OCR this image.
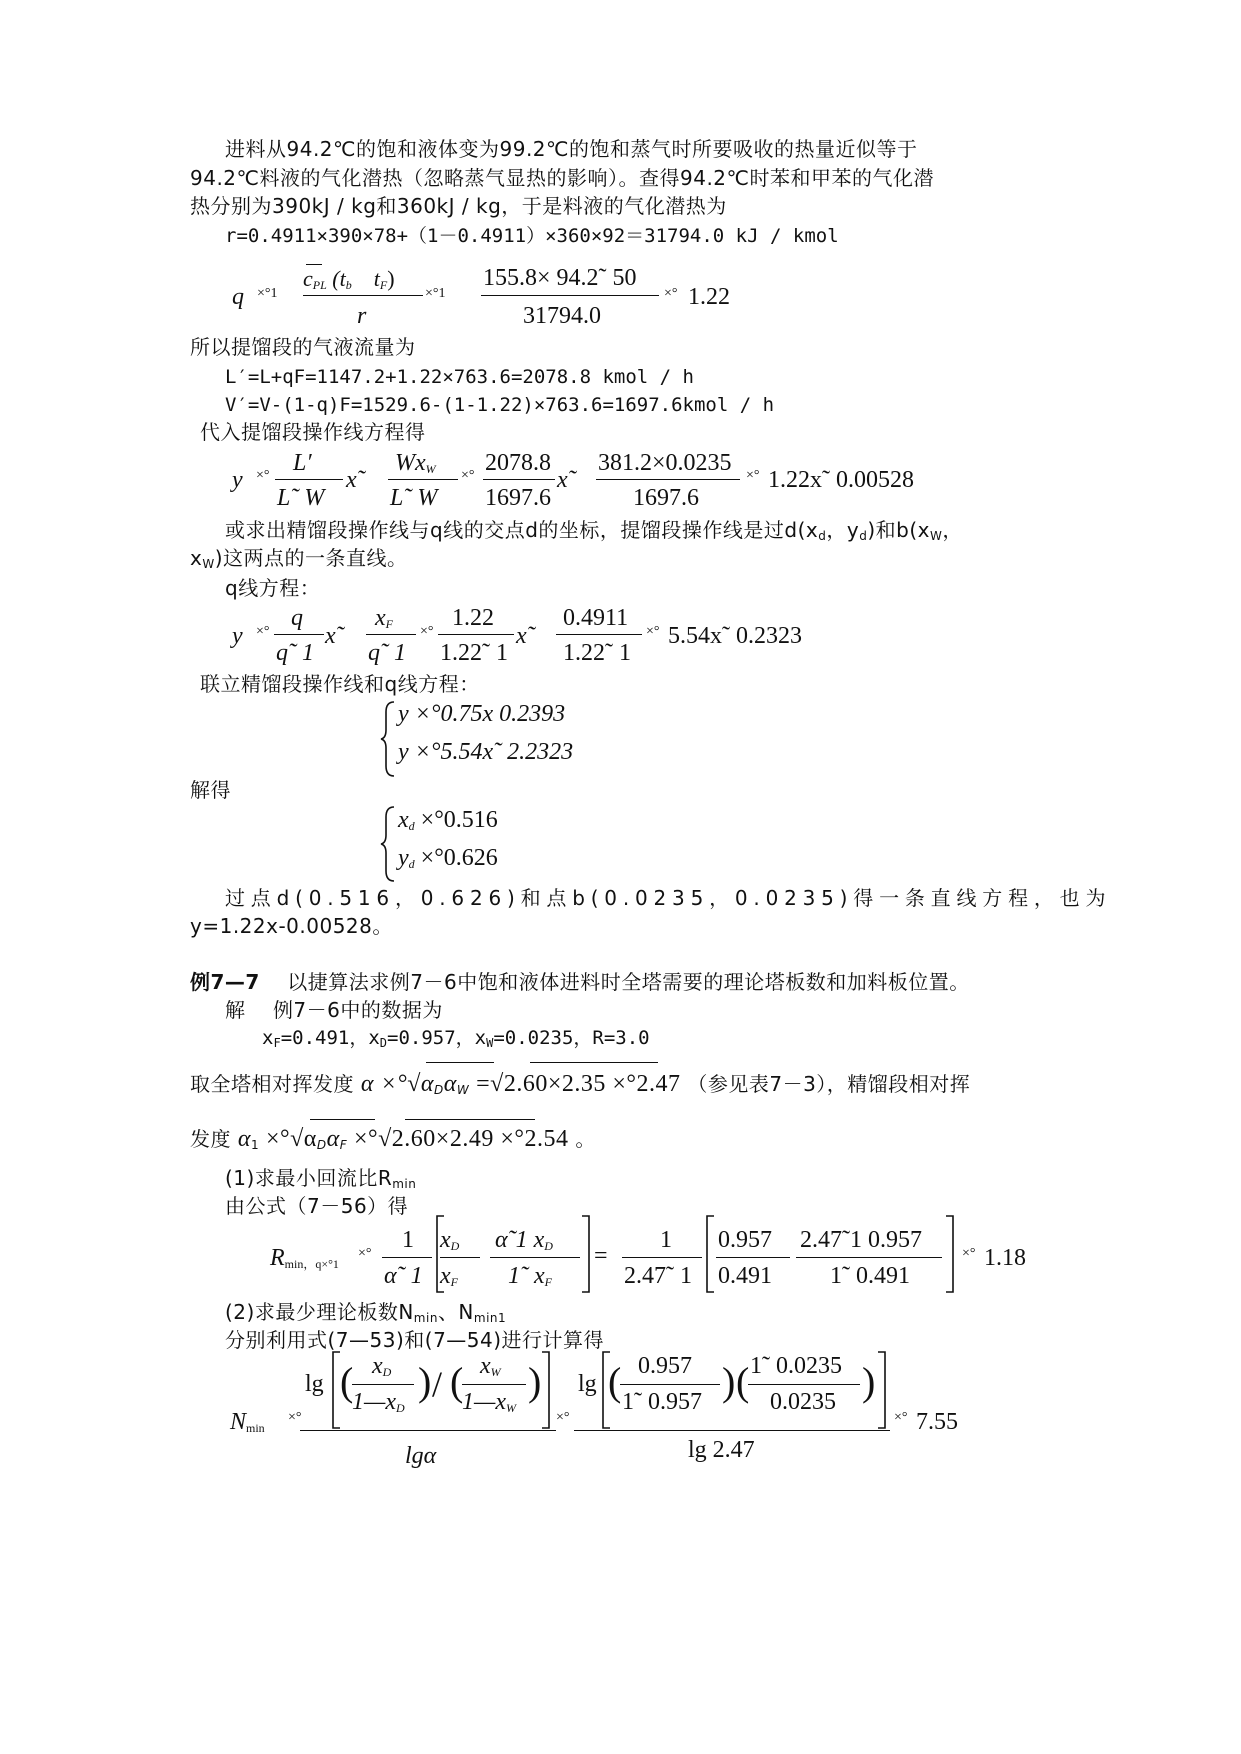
进料从94.2℃的饱和液体变为99.2℃的饱和蒸气时所要吸收的热量近似等于
94.2℃料液的气化潜热（忽略蒸气显热的影响）。查得94.2℃时苯和甲苯的气化潜
热分别为390kJ / kg和360kJ / kg，于是料液的气化潜热为
r=0.4911×390×78+（1－0.4911）×360×92＝31794.0 kJ / kmol
q ×°1
$c_{PL}$ ($t_b$ $t_F$)
r
×°1
155.8× 94.2˜ 50
31794.0
×° 1.22
所以提馏段的气液流量为
L′=L+qF=1147.2+1.22×763.6=2078.8 kmol / h
V′=V-(1-q)F=1529.6-(1-1.22)×763.6=1697.6kmol / h
代入提馏段操作线方程得
y ×° L′
L˜ W
x˜
$Wx_W$
L˜ W
×° 2078.8
1697.6
x˜
381.2×0.0235
1697.6
×° 1.22x˜ 0.00528
或求出精馏段操作线与q线的交点d的坐标，提馏段操作线是过$d(x_d$，$y_d$)和$b(x_W$，
$x_W$)这两点的一条直线。
q线方程：
y ×°
q
q˜ 1
x˜
$x_F$
q˜ 1
×°
1.22
1.22˜ 1
x˜
0.4911
1.22˜ 1
×° 5.54x˜ 0.2323
联立精馏段操作线和q线方程：
y ×°0.75x 0.2393
y ×°5.54x˜ 2.2323
解得
$x_d \times^\circ 0.516$
$y_d \times^\circ 0.626$
过点d(0.516，0.626)和点b(0.0235，0.0235)得一条直线方程，也为
y=1.22x-0.00528。
例7—7 以捷算法求例7－6中饱和液体进料时全塔需要的理论塔板数和加料板位置。
解 例7－6中的数据为
$x_F=0.491$，$x_D=0.957$，$x_W=0.0235$，R=3.0
取全塔相对挥发度 $\alpha \times^\circ√\alpha_D\alpha_W =√2.60\times 2.35 \times^\circ 2.47$ （参见表7－3），精馏段相对挥
发度 $\alpha_1 \times^\circ√\alpha_D\alpha_F \times^\circ√2.60\times 2.49 \times^\circ 2.54$ 。
(1)求最小回流比$R_{min}$
由公式（7－56）得
$R_{min,q\times^\circ 1}$
×°
1
α˜ 1
$x_D$
$x_F$
α˜1 $x_D$
1˜ $x_F$
=
1
2.47˜ 1
0.957
0.491
2.47˜1 0.957
1˜ 0.491
×° 1.18
(2)求最少理论板数$N_{min}$、$N_{min1}$
分别利用式(7—53)和(7—54)进行计算得
$N_{min}$
×°
lg ( $x_D$
$1—x_D$
) / ( $x_W$
$1—x_W$
)
lgα
×°
lg ( 0.957
1˜ 0.957 ) ( 1˜ 0.0235
0.0235 )
lg 2.47
×° 7.55
